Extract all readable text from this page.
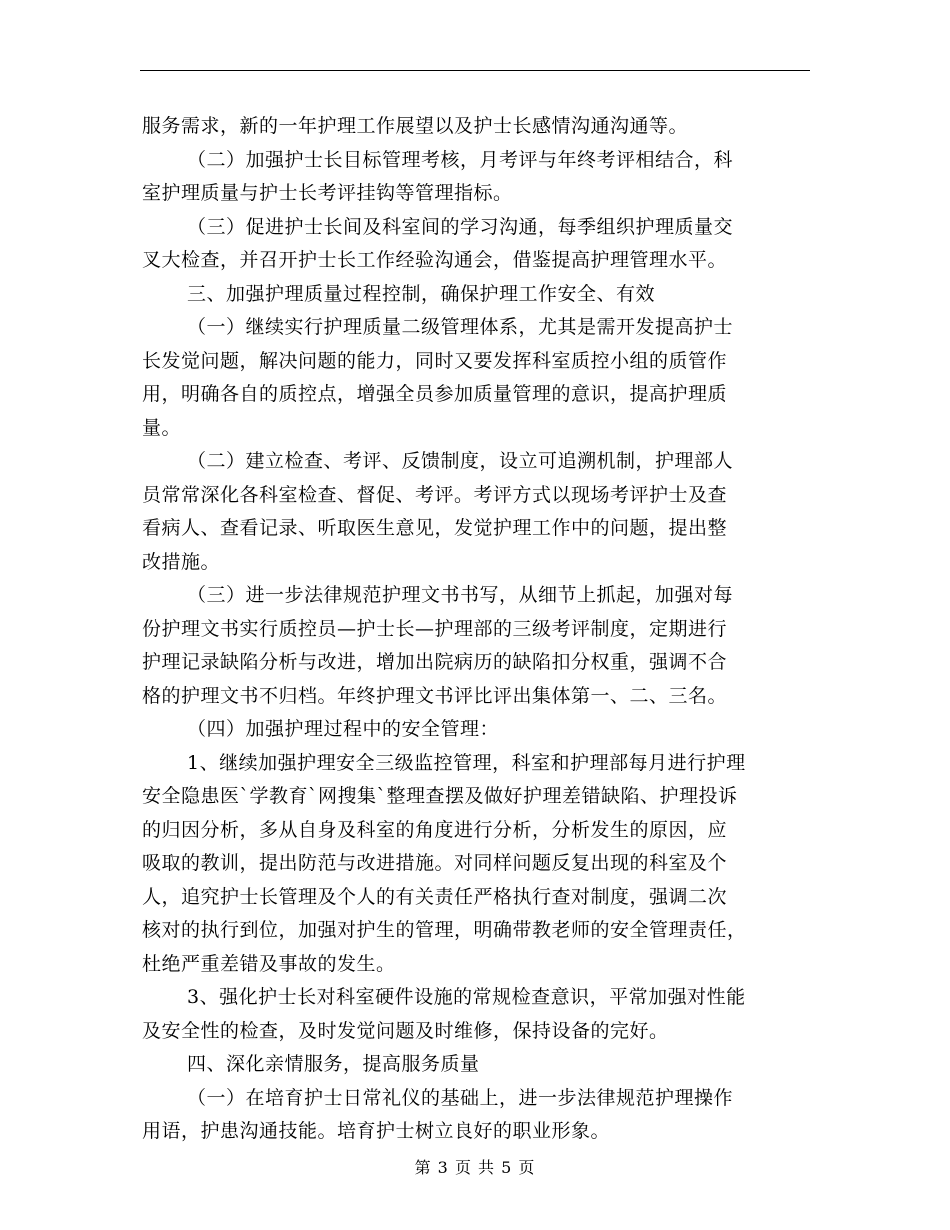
服务需求，新的一年护理工作展望以及护士长感情沟通沟通等。
（二）加强护士长目标管理考核，月考评与年终考评相结合，科
室护理质量与护士长考评挂钩等管理指标。
（三）促进护士长间及科室间的学习沟通，每季组织护理质量交
叉大检查，并召开护士长工作经验沟通会，借鉴提高护理管理水平。
三、加强护理质量过程控制，确保护理工作安全、有效
（一）继续实行护理质量二级管理体系，尤其是需开发提高护士
长发觉问题，解决问题的能力，同时又要发挥科室质控小组的质管作
用，明确各自的质控点，增强全员参加质量管理的意识，提高护理质
量。
（二）建立检查、考评、反馈制度，设立可追溯机制，护理部人
员常常深化各科室检查、督促、考评。考评方式以现场考评护士及查
看病人、查看记录、听取医生意见，发觉护理工作中的问题，提出整
改措施。
（三）进一步法律规范护理文书书写，从细节上抓起，加强对每
份护理文书实行质控员—护士长—护理部的三级考评制度，定期进行
护理记录缺陷分析与改进，增加出院病历的缺陷扣分权重，强调不合
格的护理文书不归档。年终护理文书评比评出集体第一、二、三名。
（四）加强护理过程中的安全管理：
1、继续加强护理安全三级监控管理，科室和护理部每月进行护理
安全隐患医`学教育`网搜集`整理查摆及做好护理差错缺陷、护理投诉
的归因分析，多从自身及科室的角度进行分析，分析发生的原因，应
吸取的教训，提出防范与改进措施。对同样问题反复出现的科室及个
人，追究护士长管理及个人的有关责任严格执行查对制度，强调二次
核对的执行到位，加强对护生的管理，明确带教老师的安全管理责任，
杜绝严重差错及事故的发生。
3、强化护士长对科室硬件设施的常规检查意识，平常加强对性能
及安全性的检查，及时发觉问题及时维修，保持设备的完好。
四、深化亲情服务，提高服务质量
（一）在培育护士日常礼仪的基础上，进一步法律规范护理操作
用语，护患沟通技能。培育护士树立良好的职业形象。
第 3 页 共 5 页
